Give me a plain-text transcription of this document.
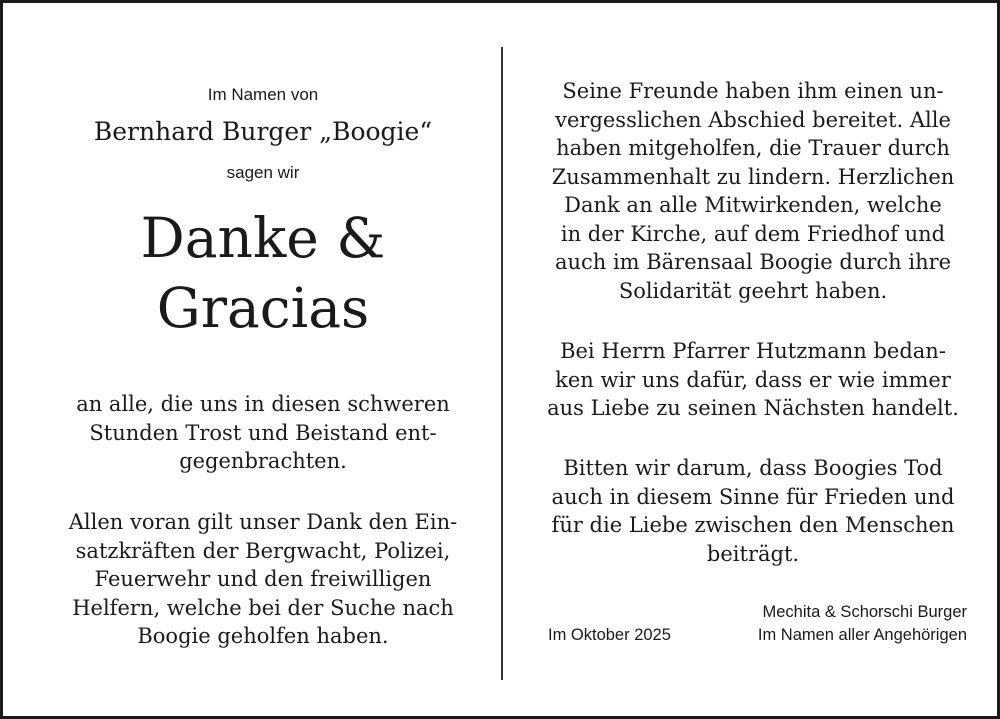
Im Namen von
Bernhard Burger „Boogie“
sagen wir
Danke &
Gracias
an alle, die uns in diesen schweren
Stunden Trost und Beistand ent-
gegenbrachten.
Allen voran gilt unser Dank den Ein-
satzkräften der Bergwacht, Polizei,
Feuerwehr und den freiwilligen
Helfern, welche bei der Suche nach
Boogie geholfen haben.
Seine Freunde haben ihm einen un-
vergesslichen Abschied bereitet. Alle
haben mitgeholfen, die Trauer durch
Zusammenhalt zu lindern. Herzlichen
Dank an alle Mitwirkenden, welche
in der Kirche, auf dem Friedhof und
auch im Bärensaal Boogie durch ihre
Solidarität geehrt haben.
Bei Herrn Pfarrer Hutzmann bedan-
ken wir uns dafür, dass er wie immer
aus Liebe zu seinen Nächsten handelt.
Bitten wir darum, dass Boogies Tod
auch in diesem Sinne für Frieden und
für die Liebe zwischen den Menschen
beiträgt.
Im Oktober 2025
Mechita & Schorschi Burger
Im Namen aller Angehörigen
